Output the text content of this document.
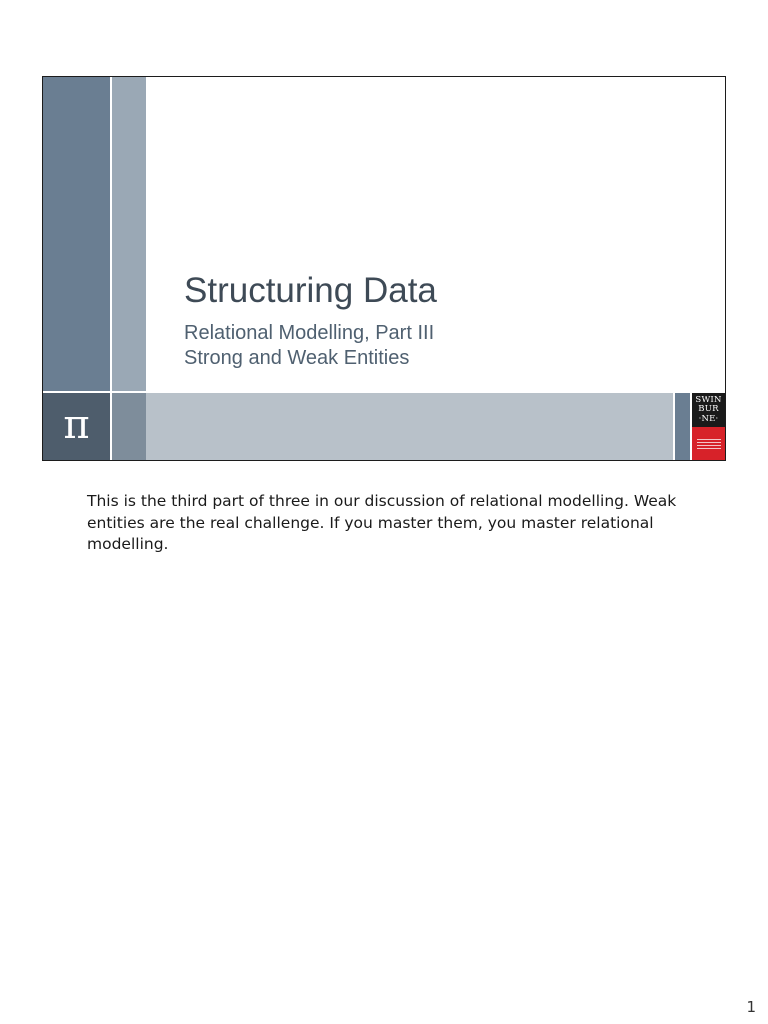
Structuring Data

Relational Modelling, Part III

Strong and Weak Entities

π
SWIN
BUR
·NE·

This is the third part of three in our discussion of relational modelling. Weak entities are the real challenge. If you master them, you master relational modelling.

1
